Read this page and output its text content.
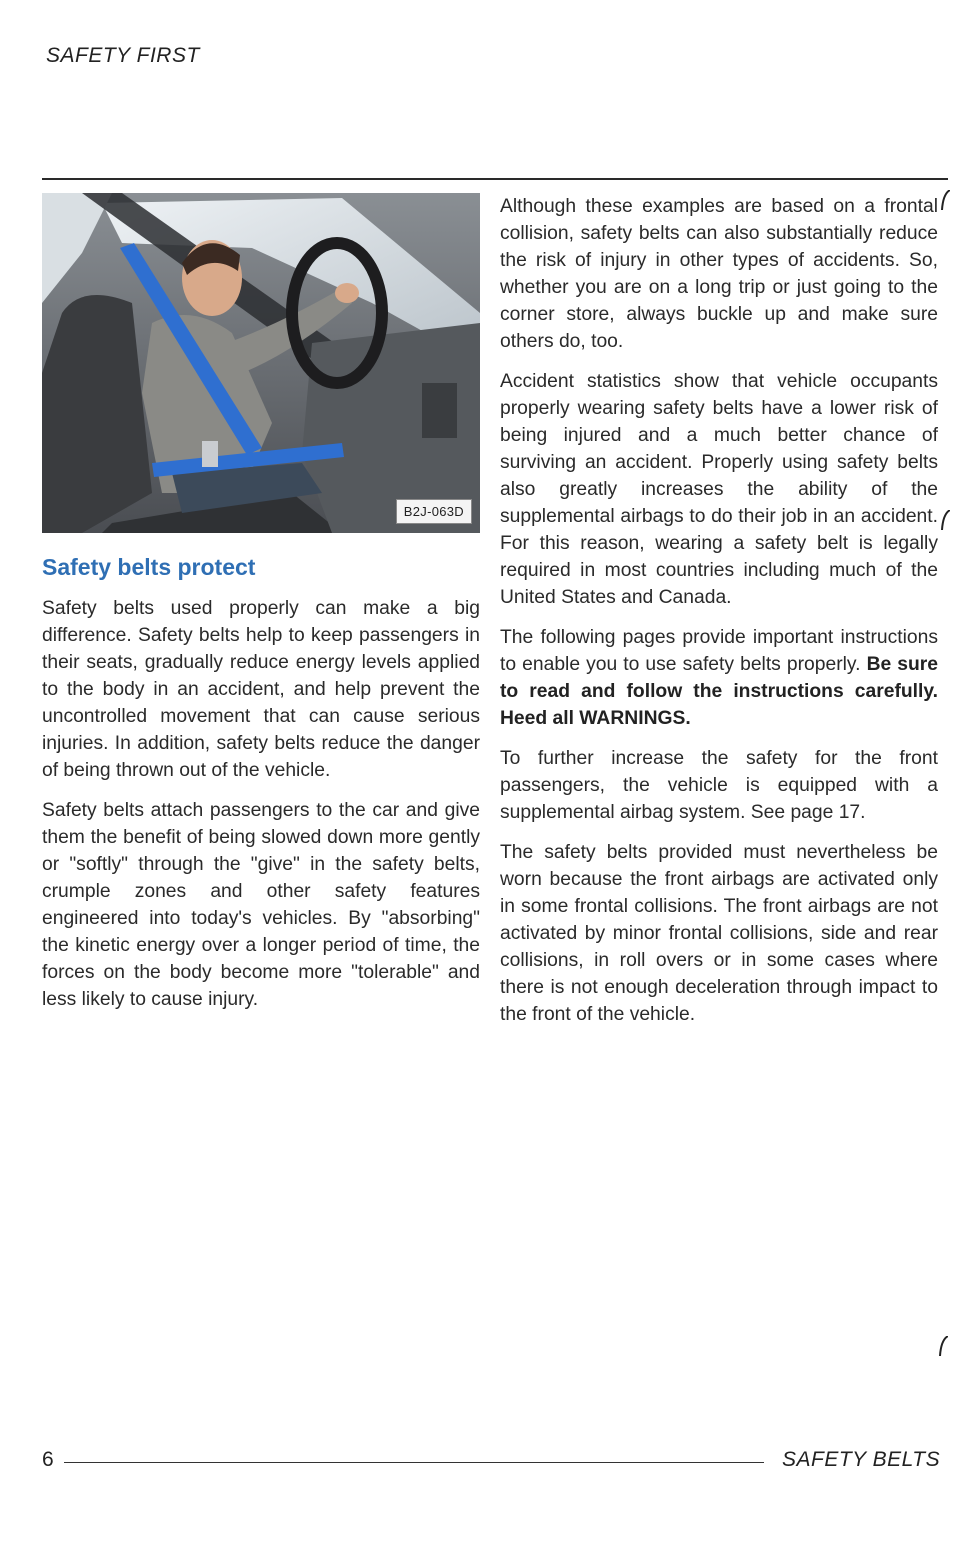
SAFETY FIRST
B2J-063D
Safety belts protect

Safety belts used properly can make a big difference. Safety belts help to keep passengers in their seats, gradually reduce energy levels applied to the body in an accident, and help prevent the uncontrolled movement that can cause serious injuries. In addition, safety belts reduce the danger of being thrown out of the vehicle.

Safety belts attach passengers to the car and give them the benefit of being slowed down more gently or "softly" through the "give" in the safety belts, crumple zones and other safety features engineered into today's vehicles. By "absorbing" the kinetic energy over a longer period of time, the forces on the body become more "tolerable" and less likely to cause injury.

Although these examples are based on a frontal collision, safety belts can also substantially reduce the risk of injury in other types of accidents. So, whether you are on a long trip or just going to the corner store, always buckle up and make sure others do, too.

Accident statistics show that vehicle occupants properly wearing safety belts have a lower risk of being injured and a much better chance of surviving an accident. Properly using safety belts also greatly increases the ability of the supplemental airbags to do their job in an accident. For this reason, wearing a safety belt is legally required in most countries including much of the United States and Canada.

The following pages provide important instructions to enable you to use safety belts properly. Be sure to read and follow the instructions carefully. Heed all WARNINGS.

To further increase the safety for the front passengers, the vehicle is equipped with a supplemental airbag system. See page 17.

The safety belts provided must nevertheless be worn because the front airbags are activated only in some frontal collisions. The front airbags are not activated by minor frontal collisions, side and rear collisions, in roll overs or in some cases where there is not enough deceleration through impact to the front of the vehicle.

6	SAFETY BELTS
